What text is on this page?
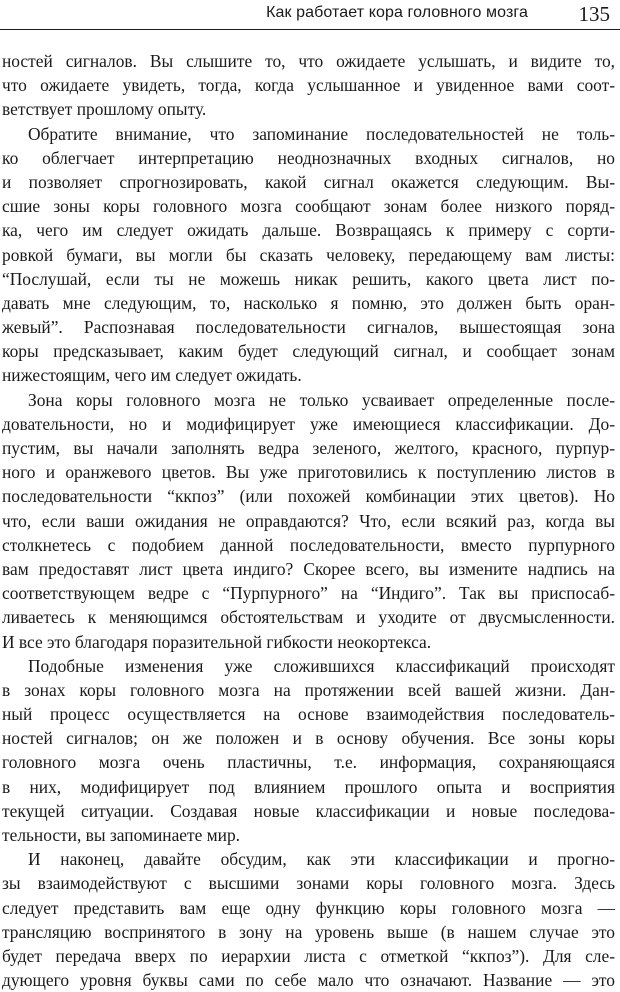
Как работает кора головного мозга 135
ностей сигналов. Вы слышите то, что ожидаете услышать, и видите то,
что ожидаете увидеть, тогда, когда услышанное и увиденное вами соот-
ветствует прошлому опыту.
Обратите внимание, что запоминание последовательностей не толь-
ко облегчает интерпретацию неоднозначных входных сигналов, но
и позволяет спрогнозировать, какой сигнал окажется следующим. Вы-
сшие зоны коры головного мозга сообщают зонам более низкого поряд-
ка, чего им следует ожидать дальше. Возвращаясь к примеру с сорти-
ровкой бумаги, вы могли бы сказать человеку, передающему вам листы:
“Послушай, если ты не можешь никак решить, какого цвета лист по-
давать мне следующим, то, насколько я помню, это должен быть оран-
жевый”. Распознавая последовательности сигналов, вышестоящая зона
коры предсказывает, каким будет следующий сигнал, и сообщает зонам
нижестоящим, чего им следует ожидать.
Зона коры головного мозга не только усваивает определенные после-
довательности, но и модифицирует уже имеющиеся классификации. До-
пустим, вы начали заполнять ведра зеленого, желтого, красного, пурпур-
ного и оранжевого цветов. Вы уже приготовились к поступлению листов в
последовательности “ккпоз” (или похожей комбинации этих цветов). Но
что, если ваши ожидания не оправдаются? Что, если всякий раз, когда вы
столкнетесь с подобием данной последовательности, вместо пурпурного
вам предоставят лист цвета индиго? Скорее всего, вы измените надпись на
соответствующем ведре с “Пурпурного” на “Индиго”. Так вы приспосаб-
ливаетесь к меняющимся обстоятельствам и уходите от двусмысленности.
И все это благодаря поразительной гибкости неокортекса.
Подобные изменения уже сложившихся классификаций происходят
в зонах коры головного мозга на протяжении всей вашей жизни. Дан-
ный процесс осуществляется на основе взаимодействия последователь-
ностей сигналов; он же положен и в основу обучения. Все зоны коры
головного мозга очень пластичны, т.е. информация, сохраняющаяся
в них, модифицирует под влиянием прошлого опыта и восприятия
текущей ситуации. Создавая новые классификации и новые последова-
тельности, вы запоминаете мир.
И наконец, давайте обсудим, как эти классификации и прогно-
зы взаимодействуют с высшими зонами коры головного мозга. Здесь
следует представить вам еще одну функцию коры головного мозга —
трансляцию воспринятого в зону на уровень выше (в нашем случае это
будет передача вверх по иерархии листа с отметкой “ккпоз”). Для сле-
дующего уровня буквы сами по себе мало что означают. Название — это
